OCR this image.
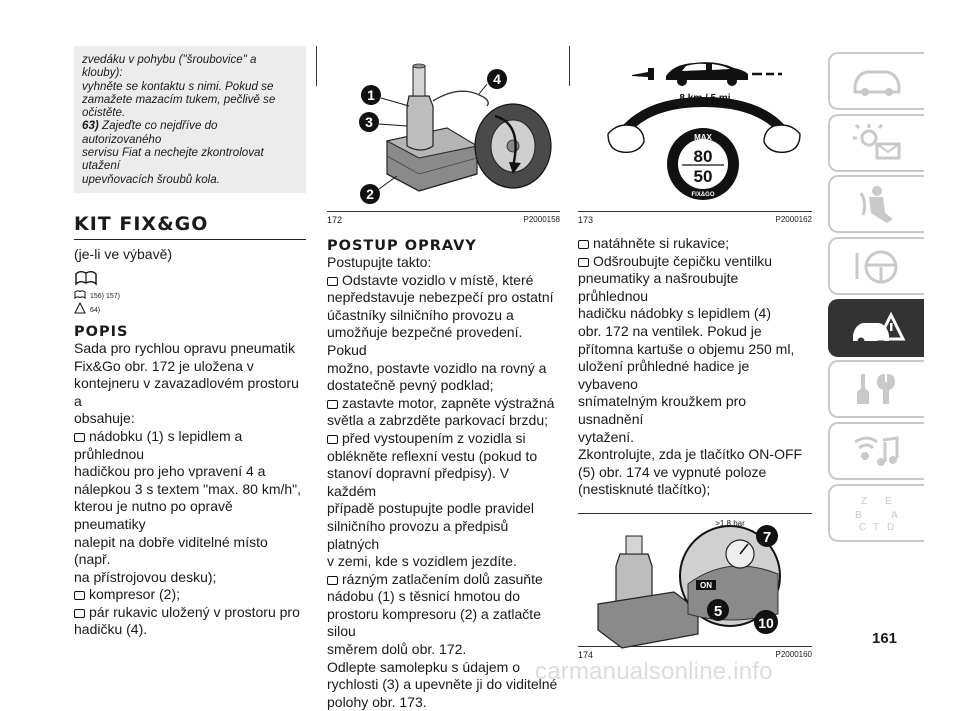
zvedáku v pohybu ("šroubovice" a klouby):
vyhněte se kontaktu s nimi. Pokud se
zamažete mazacím tukem, pečlivě se
očistěte.
63) Zajeďte co nejdříve do autorizovaného
servisu Fiat a nechejte zkontrolovat utažení
upevňovacích šroubů kola.
KIT FIX&GO
(je-li ve výbavě)
156) 157)
64)
POPIS
Sada pro rychlou opravu pneumatik
Fix&Go obr. 172 je uložena v
kontejneru v zavazadlovém prostoru a
obsahuje:
nádobku (1) s lepidlem a průhlednou
hadičkou pro jeho vpravení 4 a
nálepkou 3 s textem "max. 80 km/h",
kterou je nutno po opravě pneumatiky
nalepit na dobře viditelné místo (např.
na přístrojovou desku);
kompresor (2);
pár rukavic uložený v prostoru pro
hadičku (4).
1
4
3
2
172	P2000158
POSTUP OPRAVY
Postupujte takto:
Odstavte vozidlo v místě, které
nepředstavuje nebezpečí pro ostatní
účastníky silničního provozu a
umožňuje bezpečné provedení. Pokud
možno, postavte vozidlo na rovný a
dostatečně pevný podklad;
zastavte motor, zapněte výstražná
světla a zabrzděte parkovací brzdu;
před vystoupením z vozidla si
oblékněte reflexní vestu (pokud to
stanoví dopravní předpisy). V každém
případě postupujte podle pravidel
silničního provozu a předpisů platných
v zemi, kde s vozidlem jezdíte.
rázným zatlačením dolů zasuňte
nádobu (1) s těsnicí hmotou do
prostoru kompresoru (2) a zatlačte silou
směrem dolů obr. 172.
Odlepte samolepku s údajem o
rychlosti (3) a upevněte ji do viditelné
polohy obr. 173.
8 km / 5 mi
MAX
80
50
FIX&GO
173	P2000162
natáhněte si rukavice;
Odšroubujte čepičku ventilku
pneumatiky a našroubujte průhlednou
hadičku nádobky s lepidlem (4)
obr. 172 na ventilek. Pokud je
přítomna kartuše o objemu 250 ml,
uložení průhledné hadice je vybaveno
snímatelným kroužkem pro usnadnění
vytažení.
Zkontrolujte, zda je tlačítko ON-OFF
(5) obr. 174 ve vypnuté poloze
(nestisknuté tlačítko);
ON
>1,8 bar
7
5
10
174	P2000160
Z E
B	A
C T D
161
carmanualsonline.info
